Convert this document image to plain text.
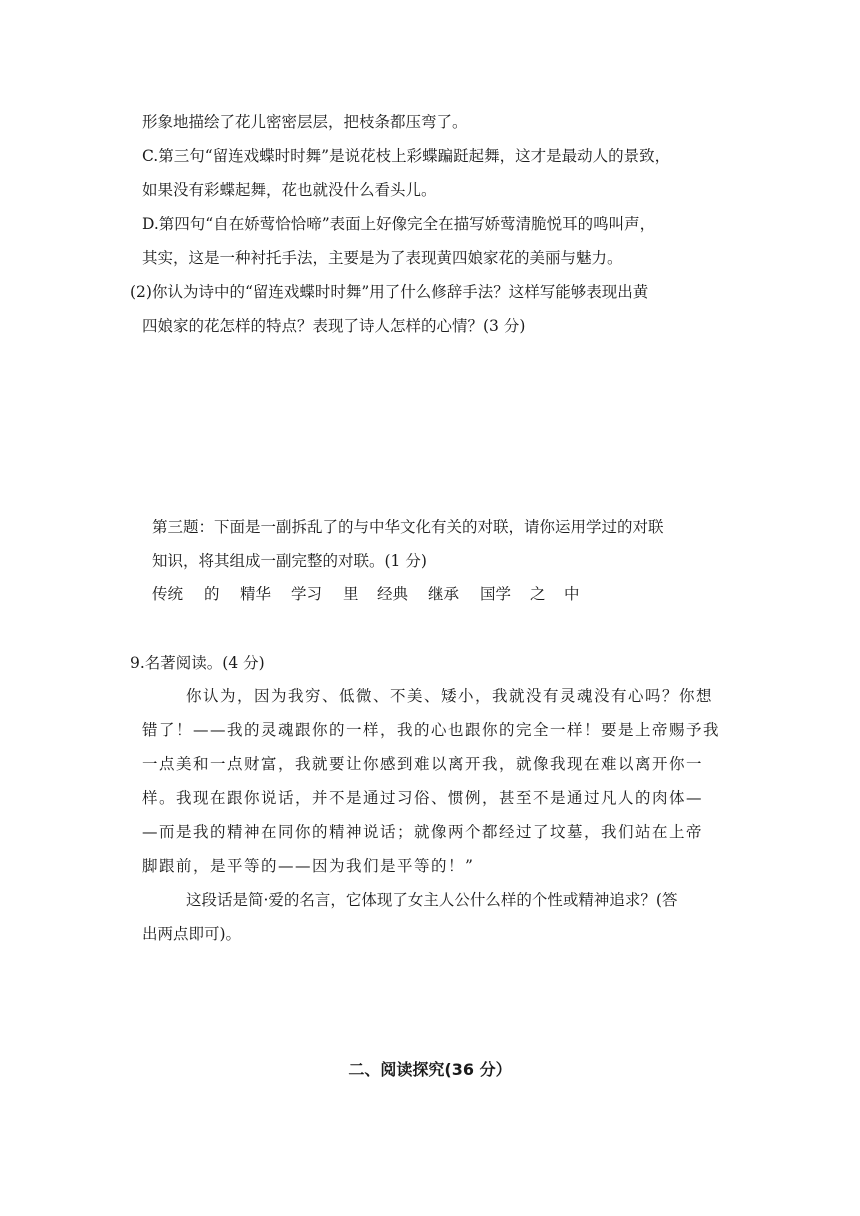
形象地描绘了花儿密密层层，把枝条都压弯了。
C.第三句“留连戏蝶时时舞”是说花枝上彩蝶蹁跹起舞，这才是最动人的景致，
如果没有彩蝶起舞，花也就没什么看头儿。
D.第四句“自在娇莺恰恰啼”表面上好像完全在描写娇莺清脆悦耳的鸣叫声，
其实，这是一种衬托手法，主要是为了表现黄四娘家花的美丽与魅力。
(2)你认为诗中的“留连戏蝶时时舞”用了什么修辞手法？这样写能够表现出黄
四娘家的花怎样的特点？表现了诗人怎样的心情？(3 分)
第三题：下面是一副拆乱了的与中华文化有关的对联，请你运用学过的对联
知识，将其组成一副完整的对联。(1 分)
传统	的	精华	学习	里	经典	继承	国学	之	中
9.名著阅读。(4 分)
你认为，因为我穷、低微、不美、矮小，我就没有灵魂没有心吗？你想
错了！——我的灵魂跟你的一样，我的心也跟你的完全一样！要是上帝赐予我
一点美和一点财富，我就要让你感到难以离开我，就像我现在难以离开你一
样。我现在跟你说话，并不是通过习俗、惯例，甚至不是通过凡人的肉体—
—而是我的精神在同你的精神说话；就像两个都经过了坟墓，我们站在上帝
脚跟前，是平等的——因为我们是平等的！”
这段话是简·爱的名言，它体现了女主人公什么样的个性或精神追求？(答
出两点即可)。
二、阅读探究(36 分）
